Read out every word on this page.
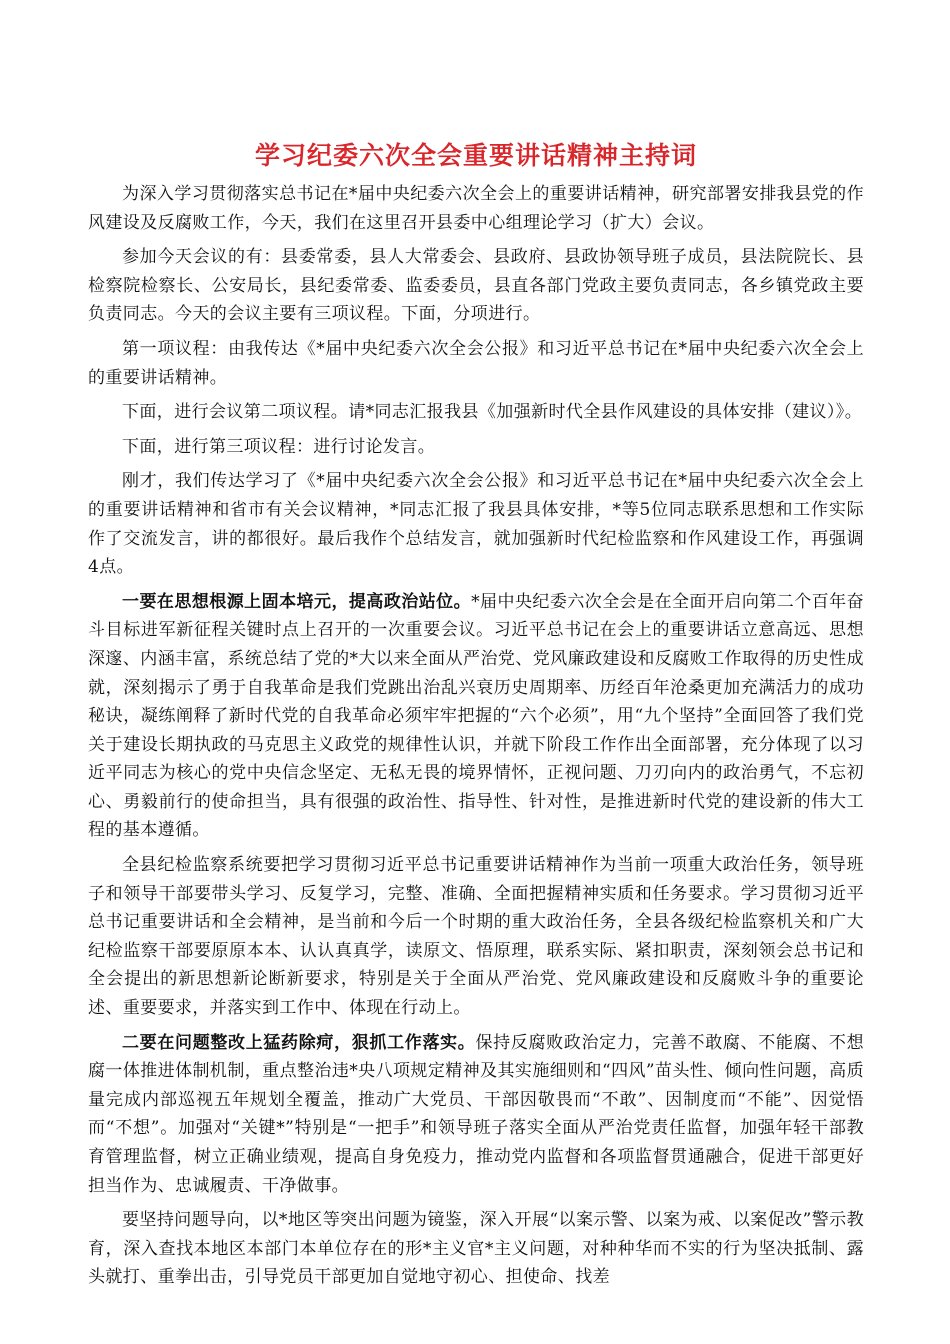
学习纪委六次全会重要讲话精神主持词

为深入学习贯彻落实总书记在*届中央纪委六次全会上的重要讲话精神，研究部署安排我县党的作风建设及反腐败工作，今天，我们在这里召开县委中心组理论学习（扩大）会议。

参加今天会议的有：县委常委，县人大常委会、县政府、县政协领导班子成员，县法院院长、县检察院检察长、公安局长，县纪委常委、监委委员，县直各部门党政主要负责同志，各乡镇党政主要负责同志。今天的会议主要有三项议程。下面，分项进行。

第一项议程：由我传达《*届中央纪委六次全会公报》和习近平总书记在*届中央纪委六次全会上的重要讲话精神。

下面，进行会议第二项议程。请*同志汇报我县《加强新时代全县作风建设的具体安排（建议）》。

下面，进行第三项议程：进行讨论发言。

刚才，我们传达学习了《*届中央纪委六次全会公报》和习近平总书记在*届中央纪委六次全会上的重要讲话精神和省市有关会议精神，*同志汇报了我县具体安排，*等5位同志联系思想和工作实际作了交流发言，讲的都很好。最后我作个总结发言，就加强新时代纪检监察和作风建设工作，再强调4点。

一要在思想根源上固本培元，提高政治站位。*届中央纪委六次全会是在全面开启向第二个百年奋斗目标进军新征程关键时点上召开的一次重要会议。习近平总书记在会上的重要讲话立意高远、思想深邃、内涵丰富，系统总结了党的*大以来全面从严治党、党风廉政建设和反腐败工作取得的历史性成就，深刻揭示了勇于自我革命是我们党跳出治乱兴衰历史周期率、历经百年沧桑更加充满活力的成功秘诀，凝练阐释了新时代党的自我革命必须牢牢把握的“六个必须”，用“九个坚持”全面回答了我们党关于建设长期执政的马克思主义政党的规律性认识，并就下阶段工作作出全面部署，充分体现了以习近平同志为核心的党中央信念坚定、无私无畏的境界情怀，正视问题、刀刃向内的政治勇气，不忘初心、勇毅前行的使命担当，具有很强的政治性、指导性、针对性，是推进新时代党的建设新的伟大工程的基本遵循。

全县纪检监察系统要把学习贯彻习近平总书记重要讲话精神作为当前一项重大政治任务，领导班子和领导干部要带头学习、反复学习，完整、准确、全面把握精神实质和任务要求。学习贯彻习近平总书记重要讲话和全会精神，是当前和今后一个时期的重大政治任务，全县各级纪检监察机关和广大纪检监察干部要原原本本、认认真真学，读原文、悟原理，联系实际、紧扣职责，深刻领会总书记和全会提出的新思想新论断新要求，特别是关于全面从严治党、党风廉政建设和反腐败斗争的重要论述、重要要求，并落实到工作中、体现在行动上。

二要在问题整改上猛药除疴，狠抓工作落实。保持反腐败政治定力，完善不敢腐、不能腐、不想腐一体推进体制机制，重点整治违*央八项规定精神及其实施细则和“四风”苗头性、倾向性问题，高质量完成内部巡视五年规划全覆盖，推动广大党员、干部因敬畏而“不敢”、因制度而“不能”、因觉悟而“不想”。加强对“关键*”特别是“一把手”和领导班子落实全面从严治党责任监督，加强年轻干部教育管理监督，树立正确业绩观，提高自身免疫力，推动党内监督和各项监督贯通融合，促进干部更好担当作为、忠诚履责、干净做事。

要坚持问题导向，以*地区等突出问题为镜鉴，深入开展“以案示警、以案为戒、以案促改”警示教育，深入查找本地区本部门本单位存在的形*主义官*主义问题，对种种华而不实的行为坚决抵制、露头就打、重拳出击，引导党员干部更加自觉地守初心、担使命、找差
